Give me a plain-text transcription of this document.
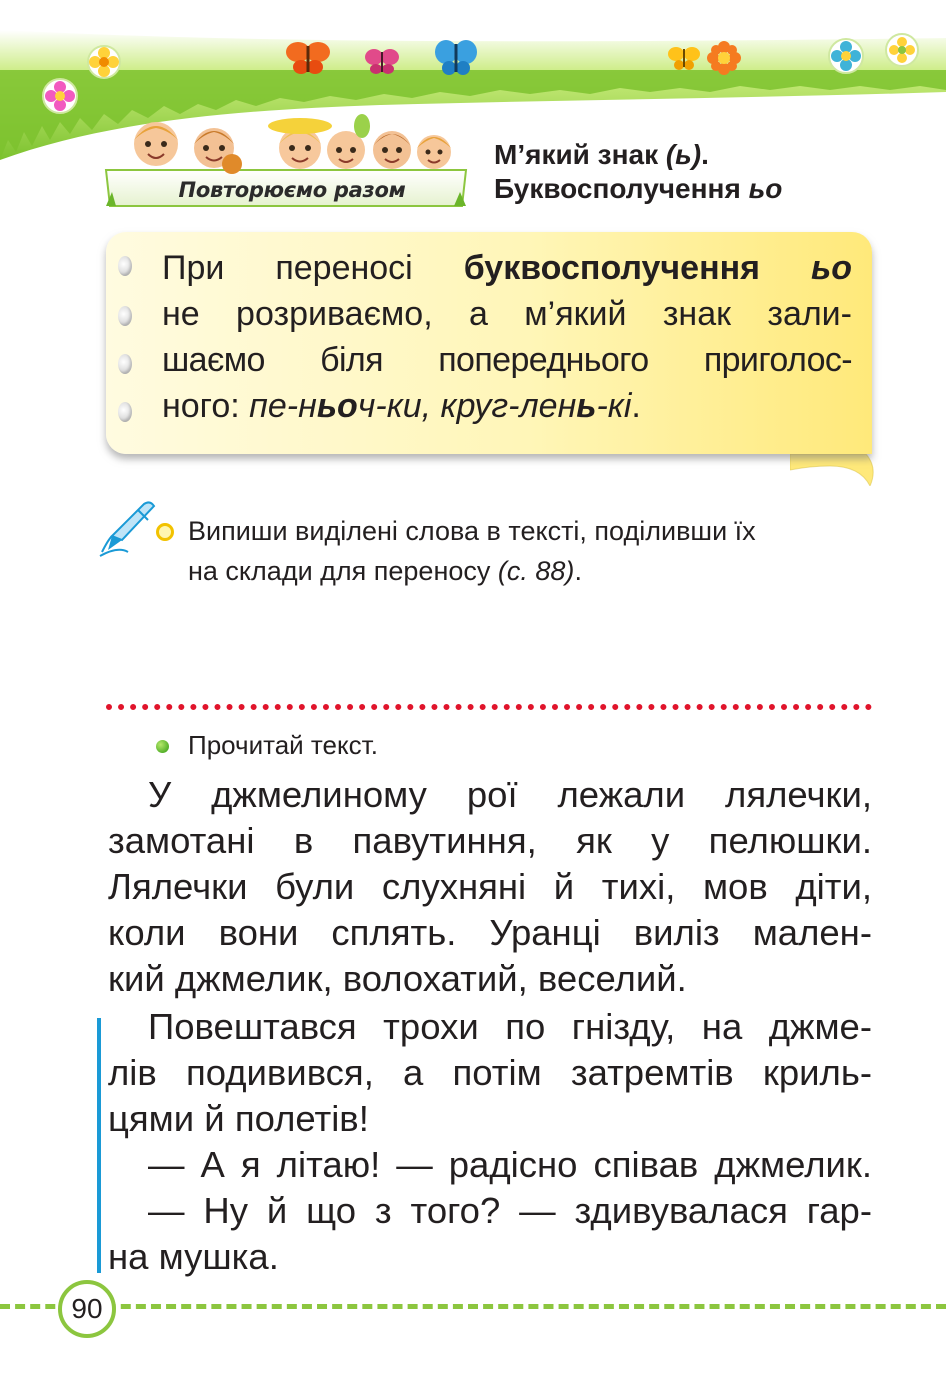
Повторюємо разом
М’який знак (ь).
Буквосполучення ьо
При переносі буквосполучення ьо
не розриваємо, а м’який знак зали-
шаємо біля попереднього приголос-
ного: пе-ньоч-ки, круг-лень-кі.
Випиши виділені слова в тексті, поділивши їх
на склади для переносу (с. 88).
Прочитай текст.
У джмелиному рої лежали лялечки,
замотані в павутиння, як у пелюшки.
Лялечки були слухняні й тихі, мов діти,
коли вони сплять. Уранці виліз мален-
кий джмелик, волохатий, веселий.
Повештався трохи по гнізду, на джме-
лів подивився, а потім затремтів криль-
цями й полетів!
— А я літаю! — радісно співав джмелик.
— Ну й що з того? — здивувалася гар-
на мушка.
90
